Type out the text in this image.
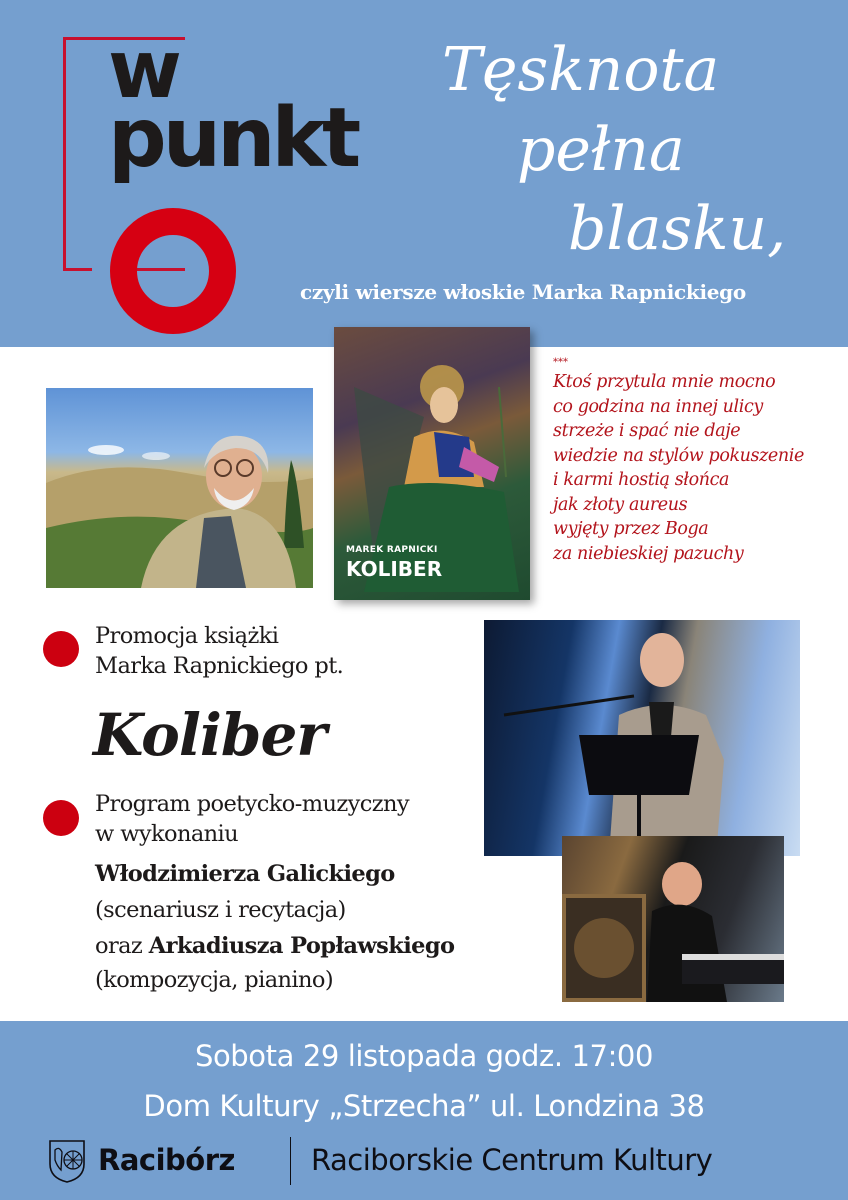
w
punkt
Tęsknota
pełna
blasku,
czyli wiersze włoskie Marka Rapnickiego
MAREK RAPNICKI
KOLIBER
***
Ktoś przytula mnie mocno
co godzina na innej ulicy
strzeże i spać nie daje
wiedzie na stylów pokuszenie
i karmi hostią słońca
jak złoty aureus
wyjęty przez Boga
za niebieskiej pazuchy
Promocja książki
Marka Rapnickiego pt.
Koliber
Program poetycko-muzyczny
w wykonaniu
Włodzimierza Galickiego
(scenariusz i recytacja)
oraz Arkadiusza Popławskiego
(kompozycja, pianino)
Sobota 29 listopada godz. 17:00
Dom Kultury „Strzecha” ul. Londzina 38
Racibórz	Raciborskie Centrum Kultury
